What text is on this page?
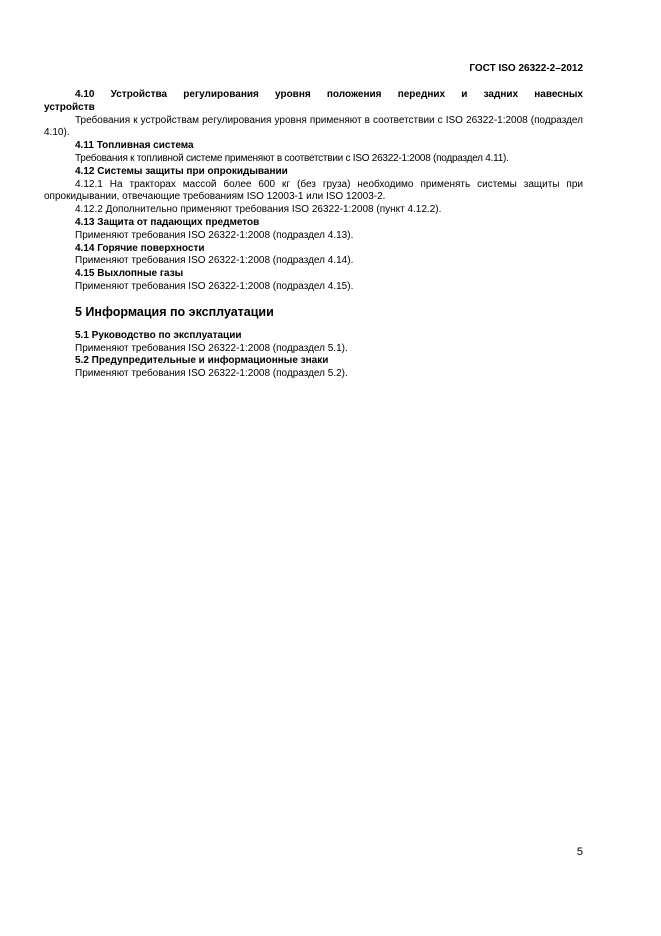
ГОСТ ISO 26322-2–2012

4.10 Устройства регулирования уровня положения передних и задних навесных

устройств

Требования к устройствам регулирования уровня применяют в соответствии с ISO 26322-1:2008 (подраздел 4.10).

4.11 Топливная система

Требования к топливной системе применяют в соответствии с ISO 26322-1:2008 (подраздел 4.11).

4.12 Системы защиты при опрокидывании

4.12.1 На тракторах массой более 600 кг (без груза) необходимо применять системы защиты при опрокидывании, отвечающие требованиям ISO 12003-1 или ISO 12003-2.

4.12.2 Дополнительно применяют требования ISO 26322-1:2008 (пункт 4.12.2).

4.13 Защита от падающих предметов

Применяют требования ISO 26322-1:2008 (подраздел 4.13).

4.14 Горячие поверхности

Применяют требования ISO 26322-1:2008 (подраздел 4.14).

4.15 Выхлопные газы

Применяют требования ISO 26322-1:2008 (подраздел 4.15).

5 Информация по эксплуатации

5.1 Руководство по эксплуатации

Применяют требования ISO 26322-1:2008 (подраздел 5.1).

5.2 Предупредительные и информационные знаки

Применяют требования ISO 26322-1:2008 (подраздел 5.2).

5
